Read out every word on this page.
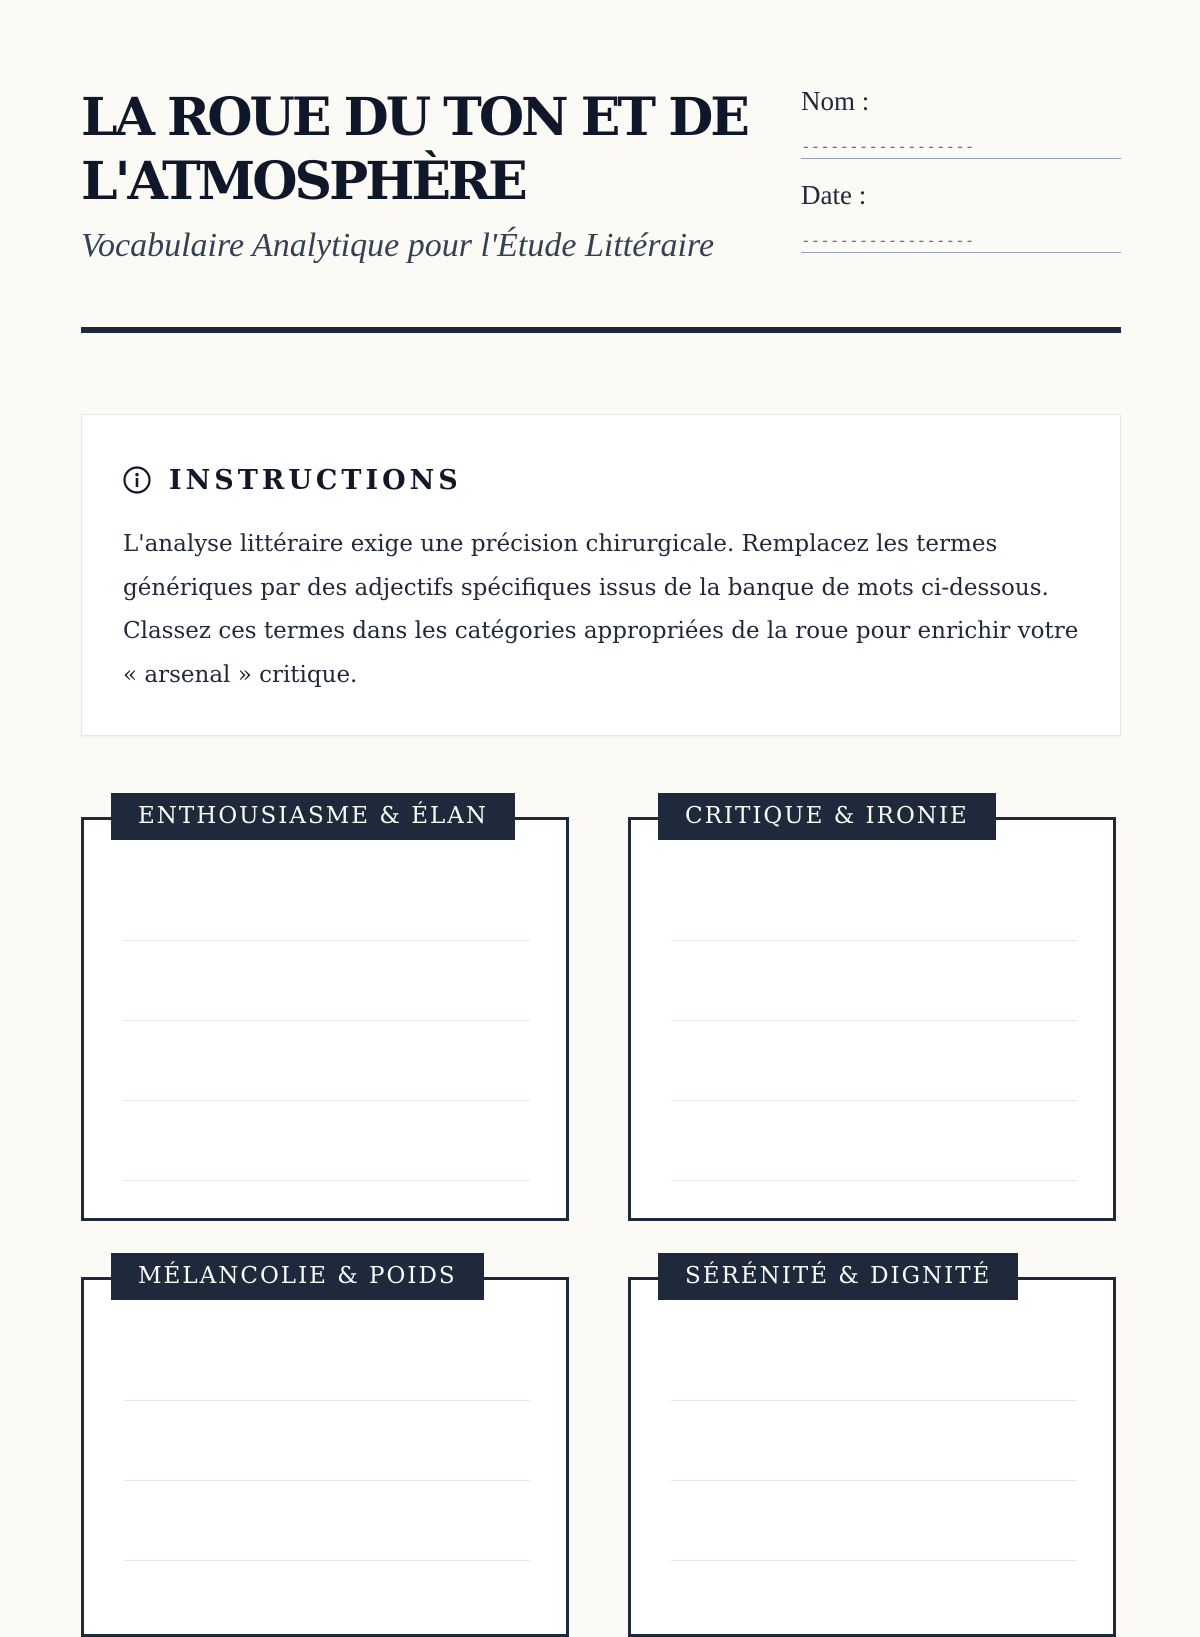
LA ROUE DU TON ET DE L'ATMOSPHÈRE

Vocabulaire Analytique pour l'Étude Littéraire

Nom :
------------------
Date :
------------------
INSTRUCTIONS

L'analyse littéraire exige une précision chirurgicale. Remplacez les termes génériques par des adjectifs spécifiques issus de la banque de mots ci-dessous. Classez ces termes dans les catégories appropriées de la roue pour enrichir votre « arsenal » critique.

ENTHOUSIASME & ÉLAN	CRITIQUE & IRONIE
MÉLANCOLIE & POIDS	SÉRÉNITÉ & DIGNITÉ
